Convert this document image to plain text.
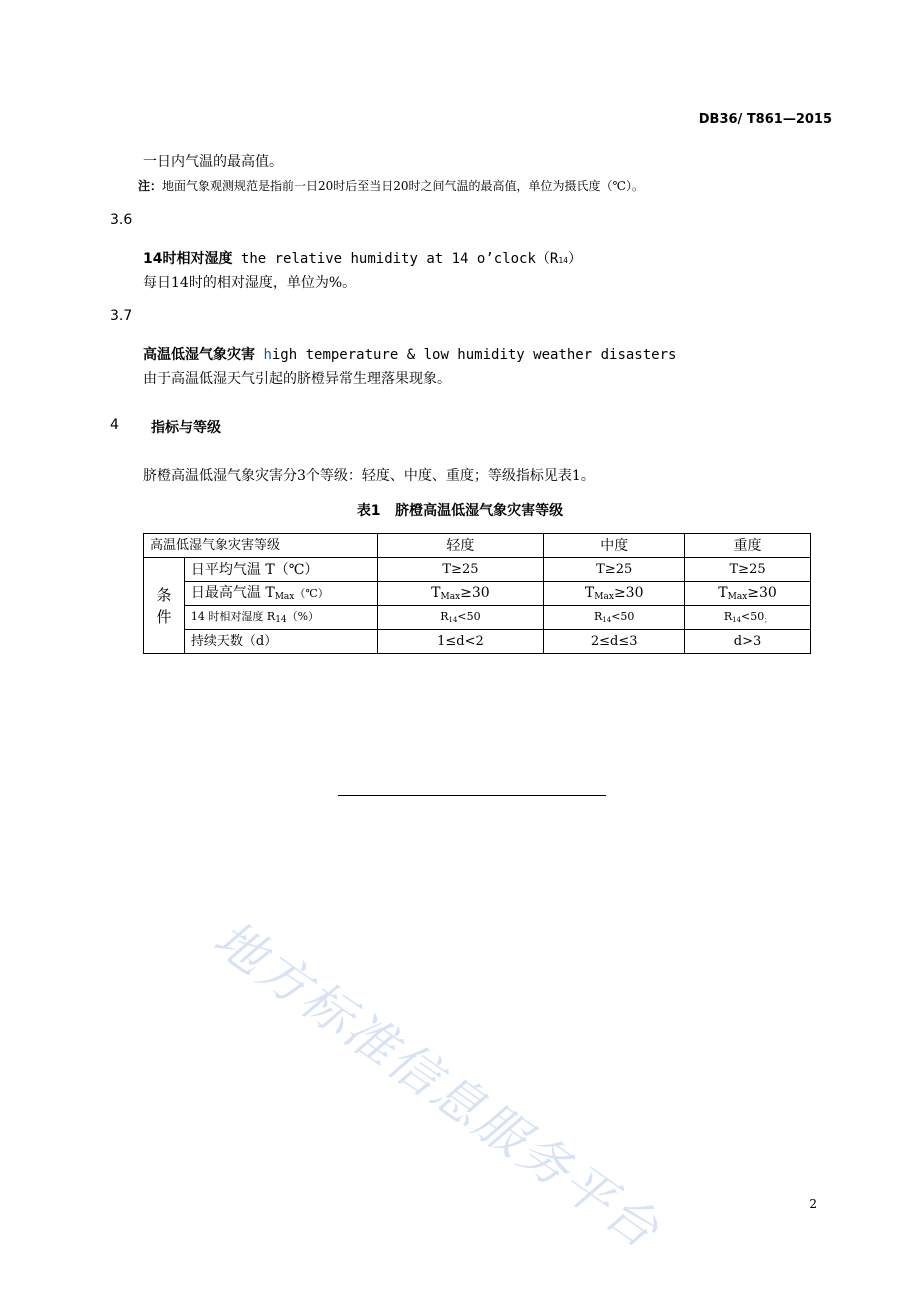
DB36/ T861—2015
一日内气温的最高值。
注：地面气象观测规范是指前一日20时后至当日20时之间气温的最高值，单位为摄氏度（℃）。
3.6
14时相对湿度 the relative humidity at 14 o’clock（R14）
每日14时的相对湿度，单位为%。
3.7
高温低湿气象灾害 high temperature & low humidity weather disasters
由于高温低湿天气引起的脐橙异常生理落果现象。
4 指标与等级
脐橙高温低湿气象灾害分3个等级：轻度、中度、重度；等级指标见表1。
表1   脐橙高温低湿气象灾害等级
高温低湿气象灾害等级		轻度	中度	重度
条
件	日平均气温 T（℃）	T≥25	T≥25	T≥25
	日最高气温 $T_{Max}(℃)$	$T_{Max}\ge 30$	$T_{Max}\ge 30$	$T_{Max}\ge 30$
	14 时相对湿度 $R_{14}(\%)$	R14<50	R14<50	R14<50；
	持续天数（d）	1≤d<2	2≤d≤3	d>3
地方标准信息服务平台	2
